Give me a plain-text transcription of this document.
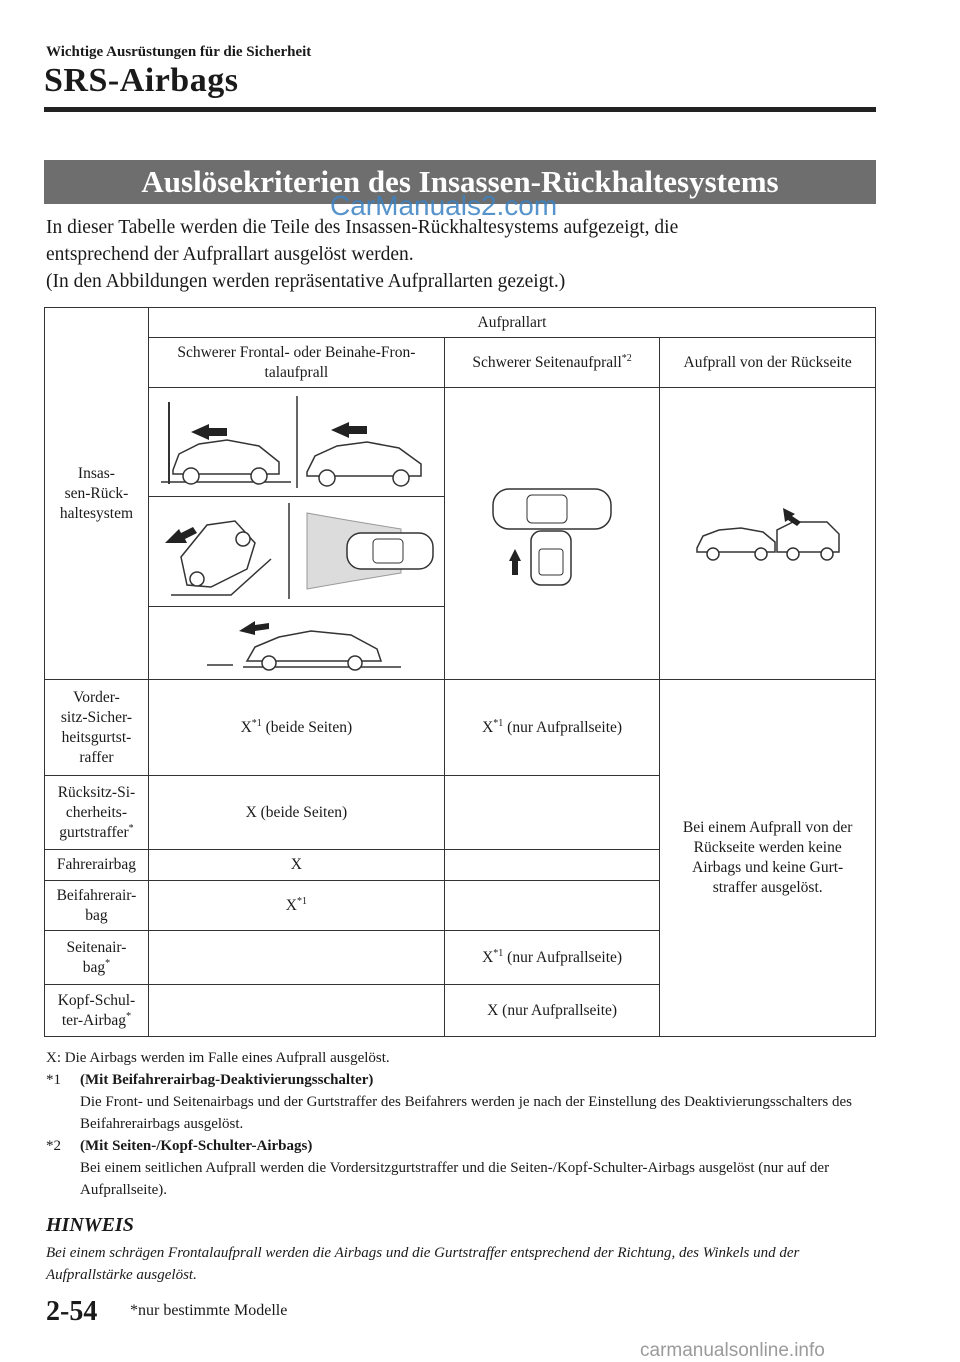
Wichtige Ausrüstungen für die Sicherheit
SRS-Airbags
Auslösekriterien des Insassen-Rückhaltesystems
CarManuals2.com
In dieser Tabelle werden die Teile des Insassen-Rückhaltesystems aufgezeigt, die
entsprechend der Aufprallart ausgelöst werden.
(In den Abbildungen werden repräsentative Aufprallarten gezeigt.)
Insas-
sen-Rück-
haltesystem	Aufprallart		
	Schwerer Frontal- oder Beinahe-Fron-
talaufprall	Schwerer Seitenaufprall$^{*2}$	Aufprall von der Rückseite

Vorder-
sitz-Sicher-
heitsgurtst-
raffer	$X^{*1}$ (beide Seiten)	$X^{*1}$ (nur Aufprallseite)	Bei einem Aufprall von der
Rückseite werden keine
Airbags und keine Gurt-
straffer ausgelöst.
Rücksitz-Si-
cherheits-
gurtstraffer*	X (beide Seiten)		
Fahrerairbag	X		
Beifahrerair-
bag	$X^{*1}$	
Seitenair-
bag*		$X^{*1}$ (nur Aufprallseite)	
Kopf-Schul-
ter-Airbag*		X (nur Aufprallseite)	
X: Die Airbags werden im Falle eines Aufprall ausgelöst.
*1	(Mit Beifahrerairbag-Deaktivierungsschalter)
Die Front- und Seitenairbags und der Gurtstraffer des Beifahrers werden je nach der Einstellung des Deaktivierungsschalters des Beifahrerairbags ausgelöst.
*2	(Mit Seiten-/Kopf-Schulter-Airbags)
Bei einem seitlichen Aufprall werden die Vordersitzgurtstraffer und die Seiten-/Kopf-Schulter-Airbags ausgelöst (nur auf der Aufprallseite).
HINWEIS
Bei einem schrägen Frontalaufprall werden die Airbags und die Gurtstraffer entsprechend der Richtung, des Winkels und der Aufprallstärke ausgelöst.
2-54 *nur bestimmte Modelle
carmanualsonline.info
